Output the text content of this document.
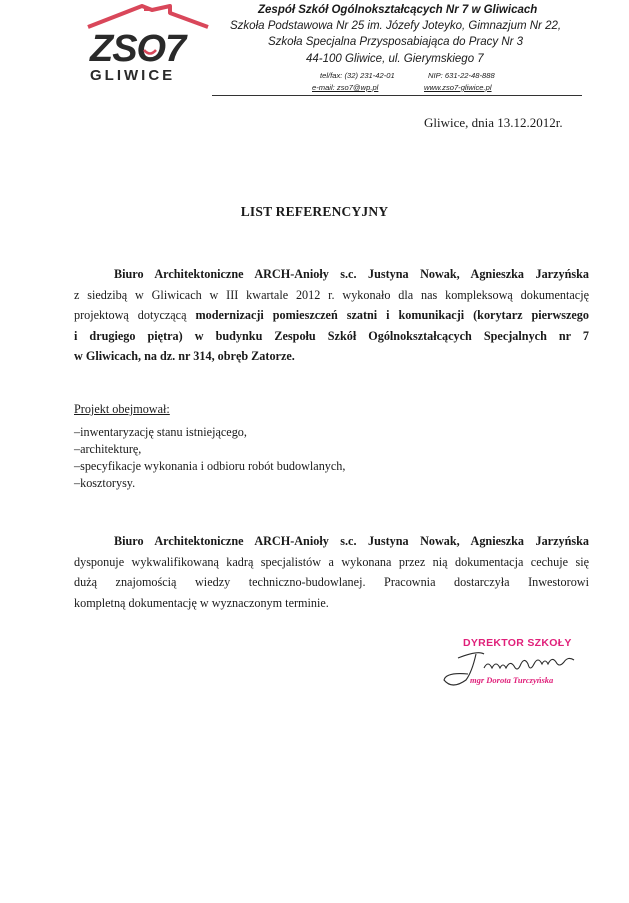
ZSO7
GLIWICE
Zespół Szkół Ogólnokształcących Nr 7 w Gliwicach
Szkoła Podstawowa Nr 25 im. Józefy Joteyko, Gimnazjum Nr 22,
Szkoła Specjalna Przysposabiająca do Pracy Nr 3
44-100 Gliwice, ul. Gierymskiego 7
tel/fax: (32) 231-42-01	NIP: 631-22-48-888
e-mail: zso7@wp.pl	www.zso7-gliwice.pl
Gliwice, dnia 13.12.2012r.
LIST REFERENCYJNY
Biuro Architektoniczne ARCH-Anioły s.c. Justyna Nowak, Agnieszka Jarzyńska
z siedzibą w Gliwicach w III kwartale 2012 r. wykonało dla nas kompleksową dokumentację
projektową dotyczącą modernizacji pomieszczeń szatni i komunikacji (korytarz pierwszego
i drugiego piętra) w budynku Zespołu Szkół Ogólnokształcących Specjalnych nr 7
w Gliwicach, na dz. nr 314, obręb Zatorze.
Projekt obejmował:
–inwentaryzację stanu istniejącego,
–architekturę,
–specyfikacje wykonania i odbioru robót budowlanych,
–kosztorysy.
Biuro Architektoniczne ARCH-Anioły s.c. Justyna Nowak, Agnieszka Jarzyńska
dysponuje wykwalifikowaną kadrą specjalistów a wykonana przez nią dokumentacja cechuje się
dużą znajomością wiedzy techniczno-budowlanej. Pracownia dostarczyła Inwestorowi
kompletną dokumentację w wyznaczonym terminie.
DYREKTOR SZKOŁY
mgr Dorota Turczyńska
